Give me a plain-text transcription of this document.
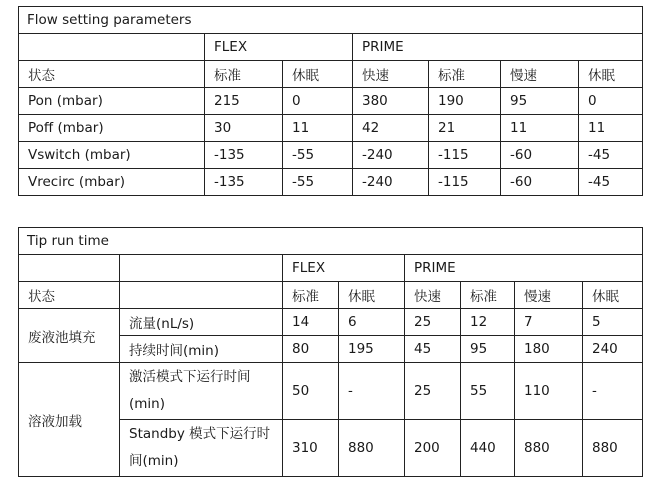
Flow setting parameters						
	FLEX		PRIME			
状态	标准	休眠	快速	标准	慢速	休眠
Pon (mbar)	215	0	380	190	95	0
Poff (mbar)	30	11	42	21	11	11
Vswitch (mbar)	-135	-55	-240	-115	-60	-45
Vrecirc (mbar)	-135	-55	-240	-115	-60	-45
Tip run time							
		FLEX		PRIME			
状态		标准	休眠	快速	标准	慢速	休眠
废液池填充	流量(nL/s)	14	6	25	12	7	5
	持续时间(min)	80	195	45	95	180	240
溶液加载	激活模式下运行时间(min)	50	-	25	55	110	-
	Standby 模式下运行时间(min)	310	880	200	440	880	880
